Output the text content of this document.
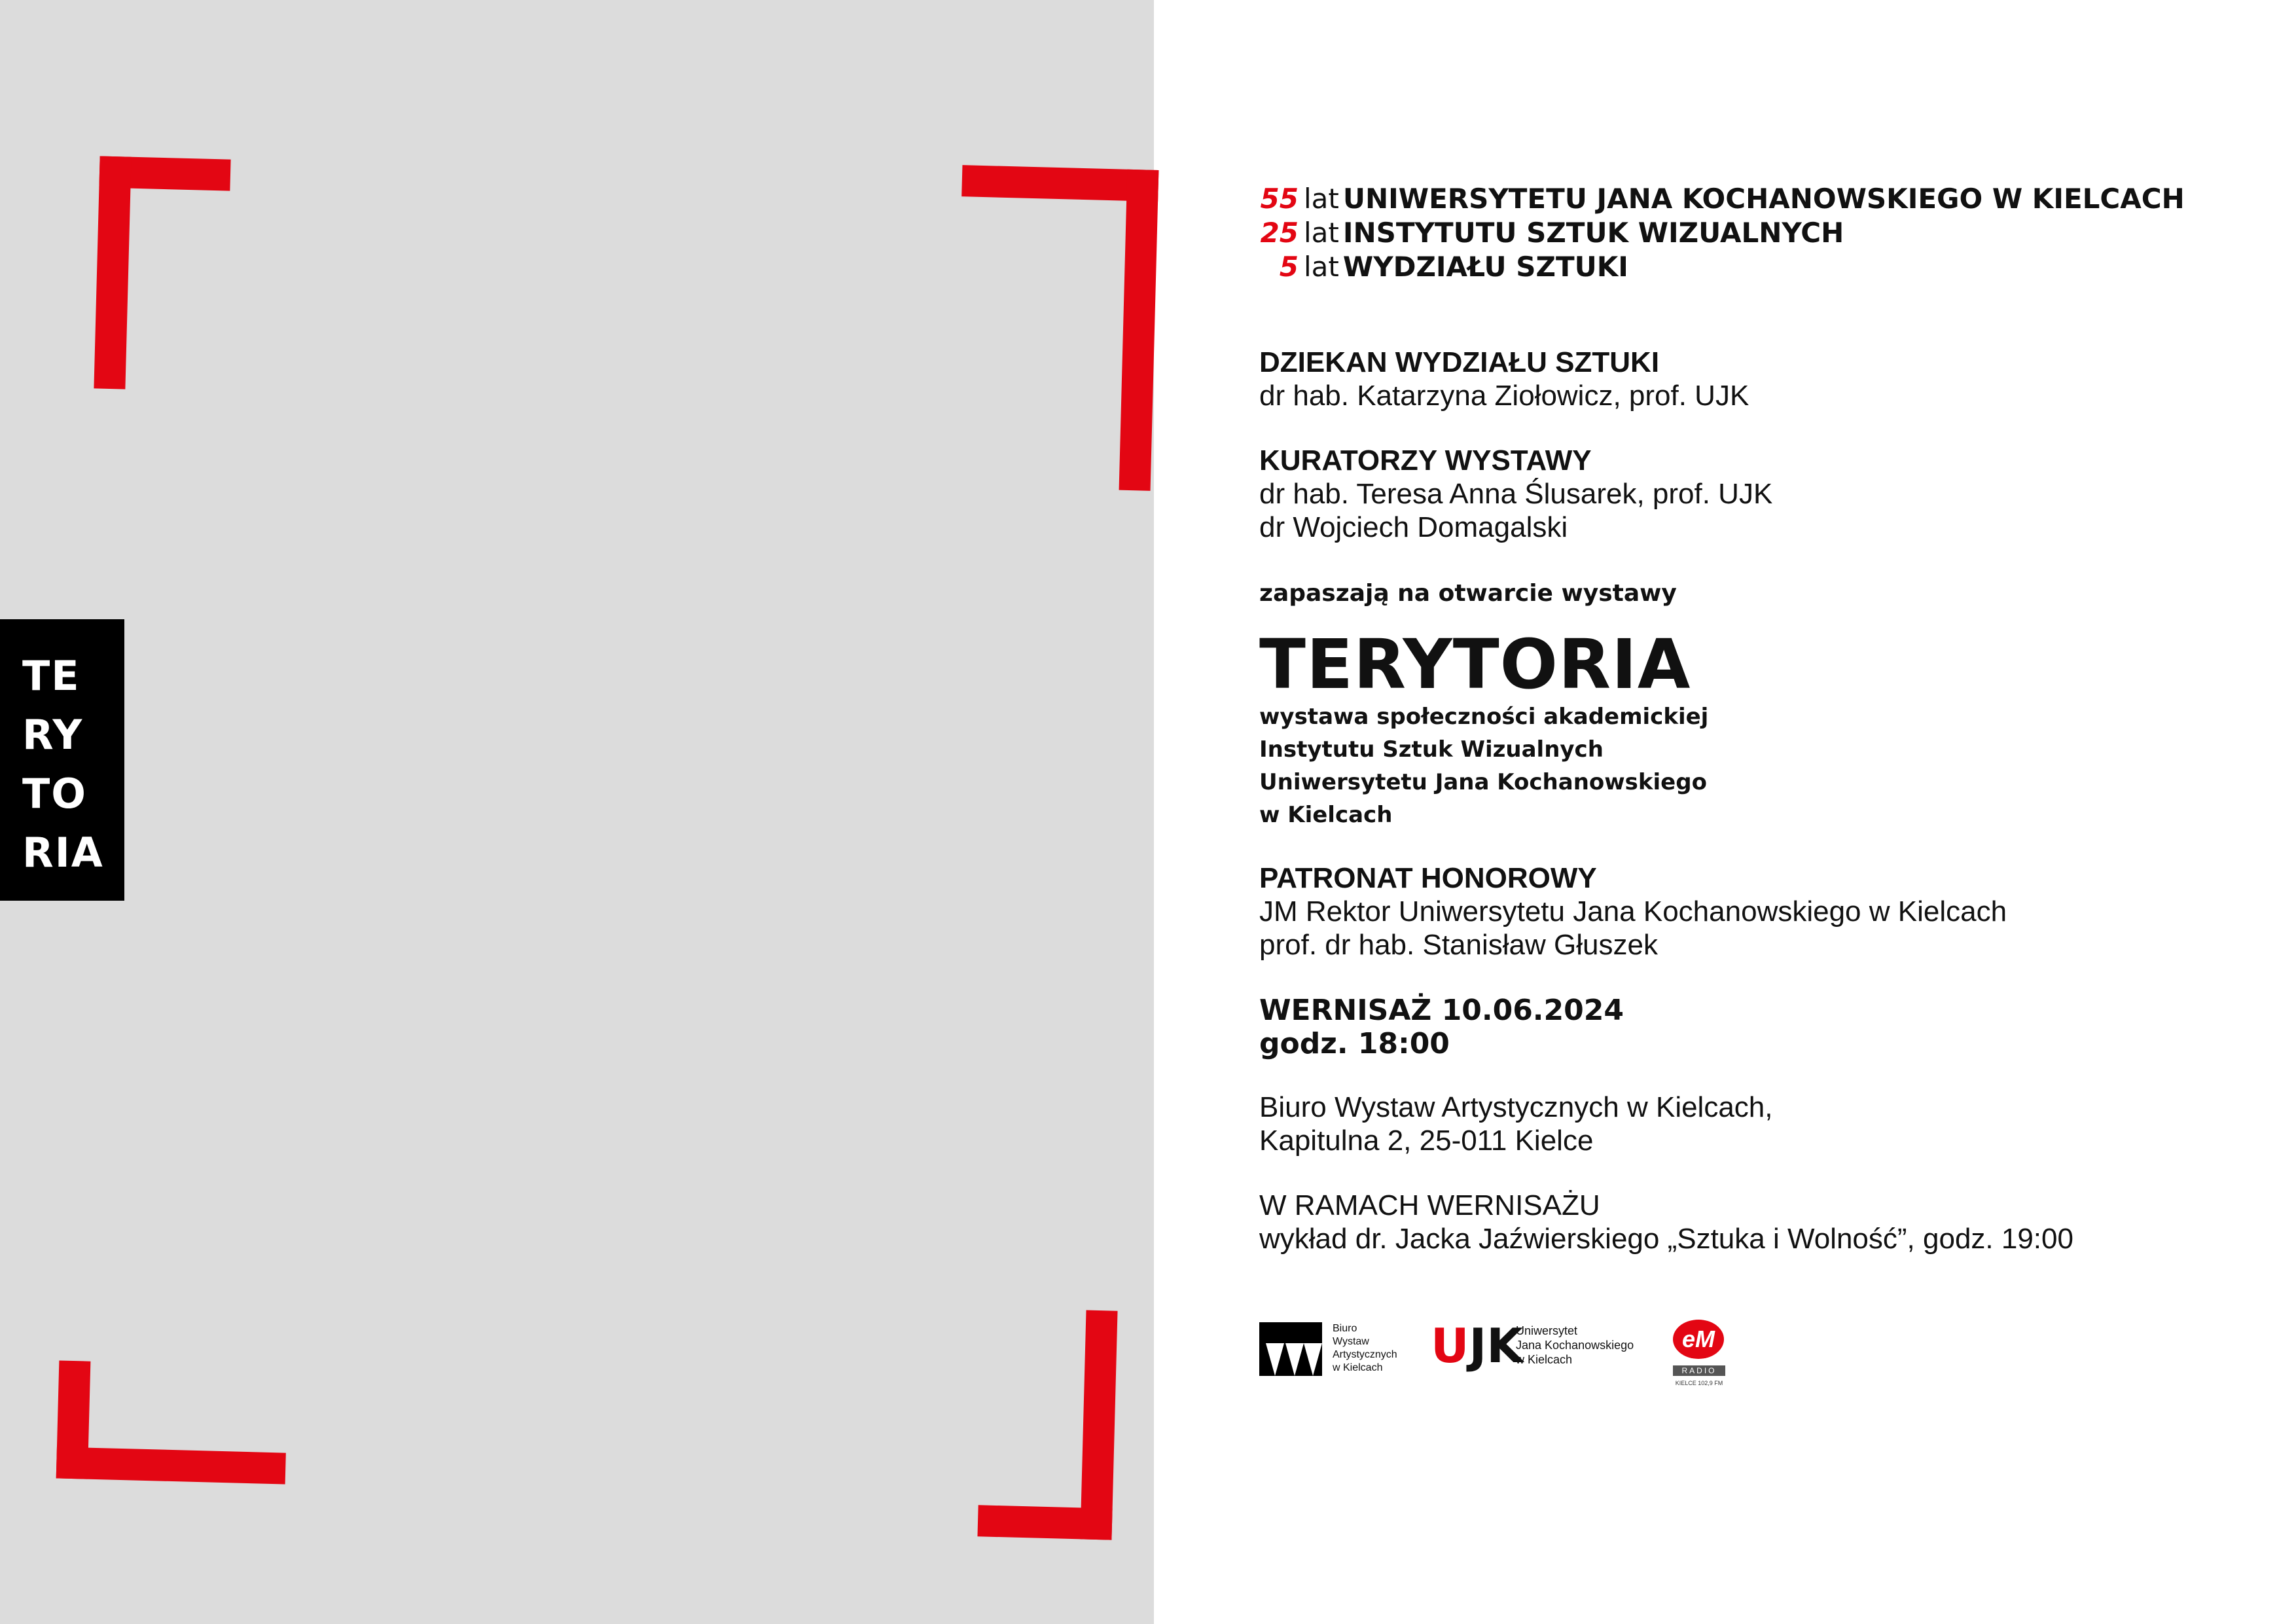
TE
RY
TO
RIA
55 lat UNIWERSYTETU JANA KOCHANOWSKIEGO W KIELCACH
25 lat INSTYTUTU SZTUK WIZUALNYCH
5 lat WYDZIAŁU SZTUKI
DZIEKAN WYDZIAŁU SZTUKI
dr hab. Katarzyna Ziołowicz, prof. UJK
KURATORZY WYSTAWY
dr hab. Teresa Anna Ślusarek, prof. UJK
dr Wojciech Domagalski
zapaszają na otwarcie wystawy
TERYTORIA
wystawa społeczności akademickiej
Instytutu Sztuk Wizualnych
Uniwersytetu Jana Kochanowskiego
w Kielcach
PATRONAT HONOROWY
JM Rektor Uniwersytetu Jana Kochanowskiego w Kielcach
prof. dr hab. Stanisław Głuszek
WERNISAŻ 10.06.2024
godz. 18:00
Biuro Wystaw Artystycznych w Kielcach,
Kapitulna 2, 25-011 Kielce
W RAMACH WERNISAŻU
wykład dr. Jacka Jaźwierskiego „Sztuka i Wolność”, godz. 19:00
Biuro
Wystaw
Artystycznych
w Kielcach	UJK
Uniwersytet
Jana Kochanowskiego
w Kielcach
eM
RADIO
KIELCE 102,9 FM
